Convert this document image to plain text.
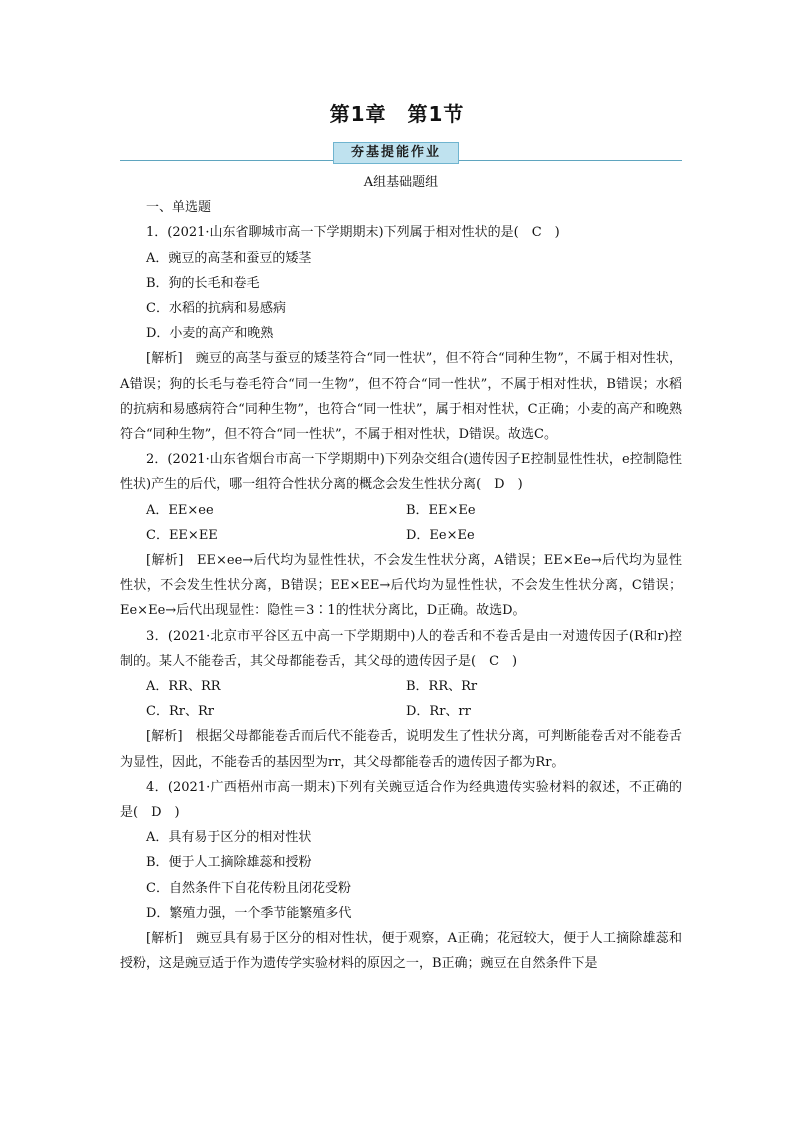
第1章　第1节
夯基提能作业

A组基础题组

一、单选题

1．(2021·山东省聊城市高一下学期期末)下列属于相对性状的是(　C　)

A．豌豆的高茎和蚕豆的矮茎

B．狗的长毛和卷毛

C．水稻的抗病和易感病

D．小麦的高产和晚熟

[解析]　豌豆的高茎与蚕豆的矮茎符合“同一性状”，但不符合“同种生物”，不属于相对性状，A错误；狗的长毛与卷毛符合“同一生物”，但不符合“同一性状”，不属于相对性状，B错误；水稻的抗病和易感病符合“同种生物”，也符合“同一性状”，属于相对性状，C正确；小麦的高产和晚熟符合“同种生物”，但不符合“同一性状”，不属于相对性状，D错误。故选C。

2．(2021·山东省烟台市高一下学期期中)下列杂交组合(遗传因子E控制显性性状，e控制隐性性状)产生的后代，哪一组符合性状分离的概念会发生性状分离(　D　)

A．EE×ee	B．EE×Ee
C．EE×EE	D．Ee×Ee

[解析]　EE×ee→后代均为显性性状，不会发生性状分离，A错误；EE×Ee→后代均为显性性状，不会发生性状分离，B错误；EE×EE→后代均为显性性状，不会发生性状分离，C错误；Ee×Ee→后代出现显性：隐性＝3∶1的性状分离比，D正确。故选D。

3．(2021·北京市平谷区五中高一下学期期中)人的卷舌和不卷舌是由一对遗传因子(R和r)控制的。某人不能卷舌，其父母都能卷舌，其父母的遗传因子是(　C　)

A．RR、RR	B．RR、Rr
C．Rr、Rr	D．Rr、rr

[解析]　根据父母都能卷舌而后代不能卷舌，说明发生了性状分离，可判断能卷舌对不能卷舌为显性，因此，不能卷舌的基因型为rr，其父母都能卷舌的遗传因子都为Rr。

4．(2021·广西梧州市高一期末)下列有关豌豆适合作为经典遗传实验材料的叙述，不正确的是(　D　)

A．具有易于区分的相对性状

B．便于人工摘除雄蕊和授粉

C．自然条件下自花传粉且闭花受粉

D．繁殖力强，一个季节能繁殖多代

[解析]　豌豆具有易于区分的相对性状，便于观察，A正确；花冠较大，便于人工摘除雄蕊和授粉，这是豌豆适于作为遗传学实验材料的原因之一，B正确；豌豆在自然条件下是
